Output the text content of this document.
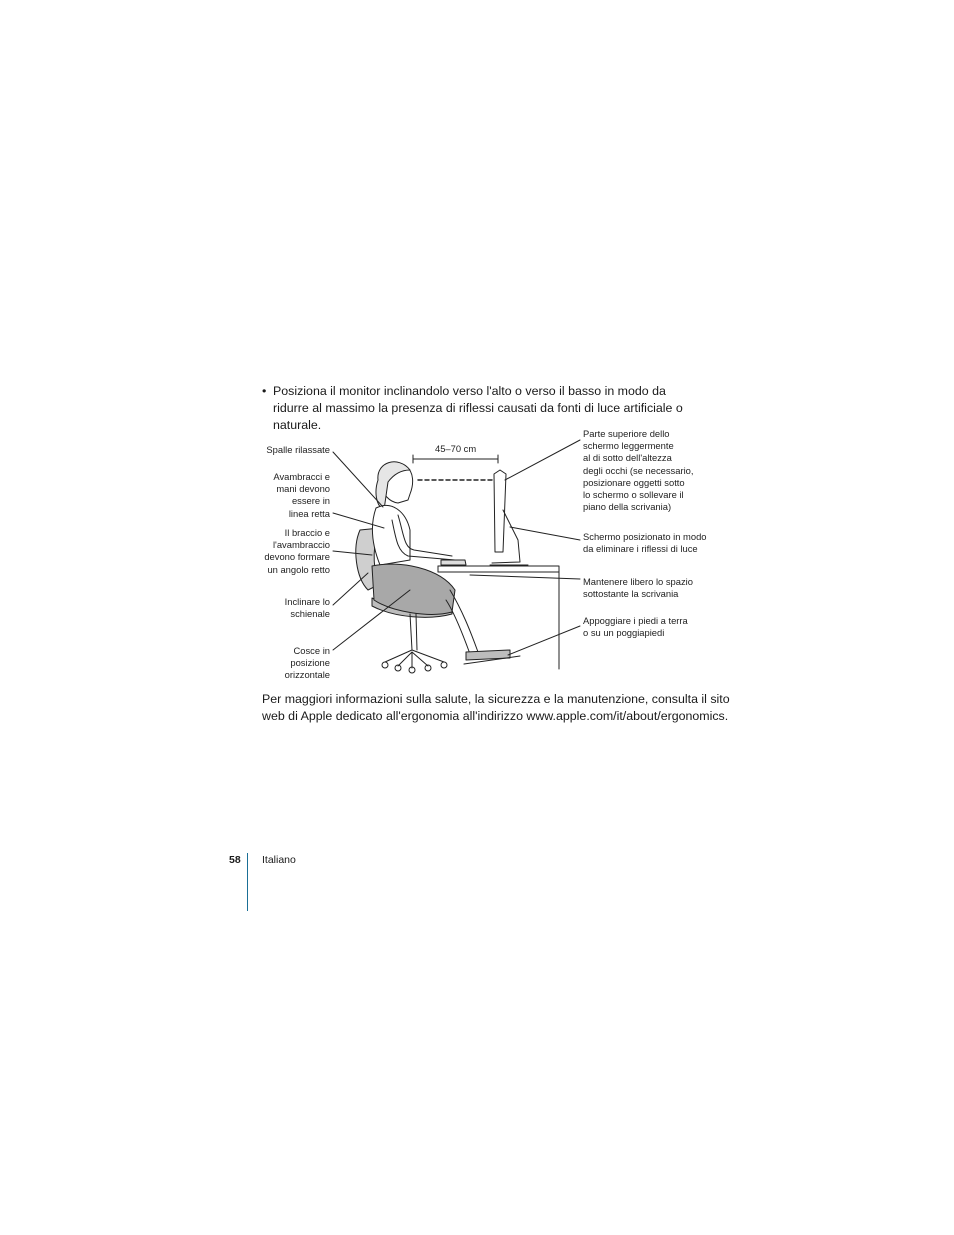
• Posiziona il monitor inclinandolo verso l'alto o verso il basso in modo da ridurre al massimo la presenza di riflessi causati da fonti di luce artificiale o naturale.
45–70 cm
Spalle rilassate
Avambracci e
mani devono
essere in
linea retta
Il braccio e
l'avambraccio
devono formare
un angolo retto
Inclinare lo
schienale
Cosce in
posizione
orizzontale
Parte superiore dello
schermo leggermente
al di sotto dell'altezza
degli occhi (se necessario,
posizionare oggetti sotto
lo schermo o sollevare il
piano della scrivania)
Schermo posizionato in modo
da eliminare i riflessi di luce
Mantenere libero lo spazio
sottostante la scrivania
Appoggiare i piedi a terra
o su un poggiapiedi
Per maggiori informazioni sulla salute, la sicurezza e la manutenzione, consulta il sito web di Apple dedicato all'ergonomia all'indirizzo www.apple.com/it/about/ergonomics.
58 Italiano
